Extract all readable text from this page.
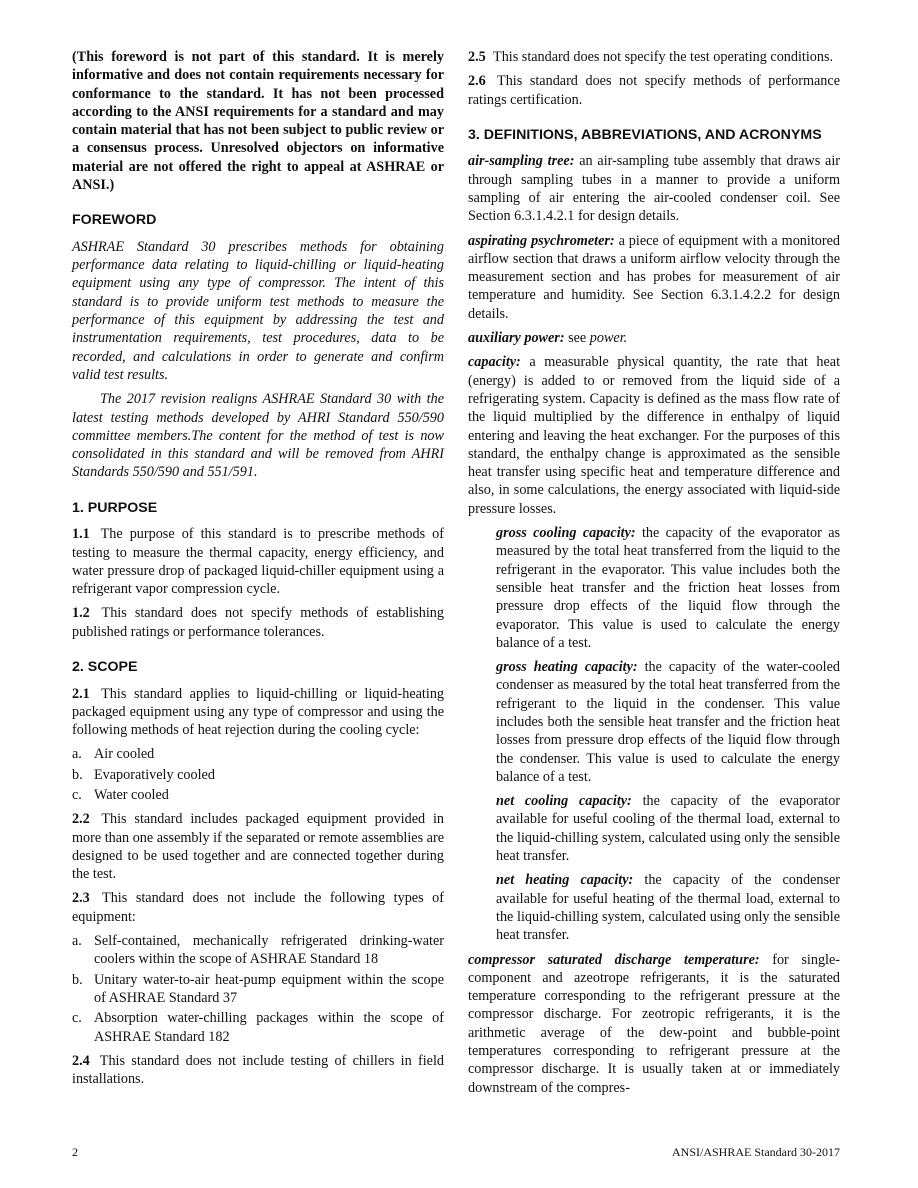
(This foreword is not part of this standard. It is merely informative and does not contain requirements necessary for conformance to the standard. It has not been processed according to the ANSI requirements for a standard and may contain material that has not been subject to public review or a consensus process. Unresolved objectors on informative material are not offered the right to appeal at ASHRAE or ANSI.)

FOREWORD

ASHRAE Standard 30 prescribes methods for obtaining performance data relating to liquid-chilling or liquid-heating equipment using any type of compressor. The intent of this standard is to provide uniform test methods to measure the performance of this equipment by addressing the test and instrumentation requirements, test procedures, data to be recorded, and calculations in order to generate and confirm valid test results.

The 2017 revision realigns ASHRAE Standard 30 with the latest testing methods developed by AHRI Standard 550/590 committee members.The content for the method of test is now consolidated in this standard and will be removed from AHRI Standards 550/590 and 551/591.

1. PURPOSE

1.1 The purpose of this standard is to prescribe methods of testing to measure the thermal capacity, energy efficiency, and water pressure drop of packaged liquid-chiller equipment using a refrigerant vapor compression cycle.

1.2 This standard does not specify methods of establishing published ratings or performance tolerances.

2. SCOPE

2.1 This standard applies to liquid-chilling or liquid-heating packaged equipment using any type of compressor and using the following methods of heat rejection during the cooling cycle:

a. Air cooled
b. Evaporatively cooled
c. Water cooled

2.2 This standard includes packaged equipment provided in more than one assembly if the separated or remote assemblies are designed to be used together and are connected together during the test.

2.3 This standard does not include the following types of equipment:

a. Self-contained, mechanically refrigerated drinking-water coolers within the scope of ASHRAE Standard 18
b. Unitary water-to-air heat-pump equipment within the scope of ASHRAE Standard 37
c. Absorption water-chilling packages within the scope of ASHRAE Standard 182

2.4 This standard does not include testing of chillers in field installations.

2.5 This standard does not specify the test operating conditions.

2.6 This standard does not specify methods of performance ratings certification.

3. DEFINITIONS, ABBREVIATIONS, AND ACRONYMS

air-sampling tree: an air-sampling tube assembly that draws air through sampling tubes in a manner to provide a uniform sampling of air entering the air-cooled condenser coil. See Section 6.3.1.4.2.1 for design details.

aspirating psychrometer: a piece of equipment with a monitored airflow section that draws a uniform airflow velocity through the measurement section and has probes for measurement of air temperature and humidity. See Section 6.3.1.4.2.2 for design details.

auxiliary power: see power.

capacity: a measurable physical quantity, the rate that heat (energy) is added to or removed from the liquid side of a refrigerating system. Capacity is defined as the mass flow rate of the liquid multiplied by the difference in enthalpy of liquid entering and leaving the heat exchanger. For the purposes of this standard, the enthalpy change is approximated as the sensible heat transfer using specific heat and temperature difference and also, in some calculations, the energy associated with liquid-side pressure losses.

gross cooling capacity: the capacity of the evaporator as measured by the total heat transferred from the liquid to the refrigerant in the evaporator. This value includes both the sensible heat transfer and the friction heat losses from pressure drop effects of the liquid flow through the evaporator. This value is used to calculate the energy balance of a test.

gross heating capacity: the capacity of the water-cooled condenser as measured by the total heat transferred from the refrigerant to the liquid in the condenser. This value includes both the sensible heat transfer and the friction heat losses from pressure drop effects of the liquid flow through the condenser. This value is used to calculate the energy balance of a test.

net cooling capacity: the capacity of the evaporator available for useful cooling of the thermal load, external to the liquid-chilling system, calculated using only the sensible heat transfer.

net heating capacity: the capacity of the condenser available for useful heating of the thermal load, external to the liquid-chilling system, calculated using only the sensible heat transfer.

compressor saturated discharge temperature: for single-component and azeotrope refrigerants, it is the saturated temperature corresponding to the refrigerant pressure at the compressor discharge. For zeotropic refrigerants, it is the arithmetic average of the dew-point and bubble-point temperatures corresponding to refrigerant pressure at the compressor discharge. It is usually taken at or immediately downstream of the compres-

2	ANSI/ASHRAE Standard 30-2017
